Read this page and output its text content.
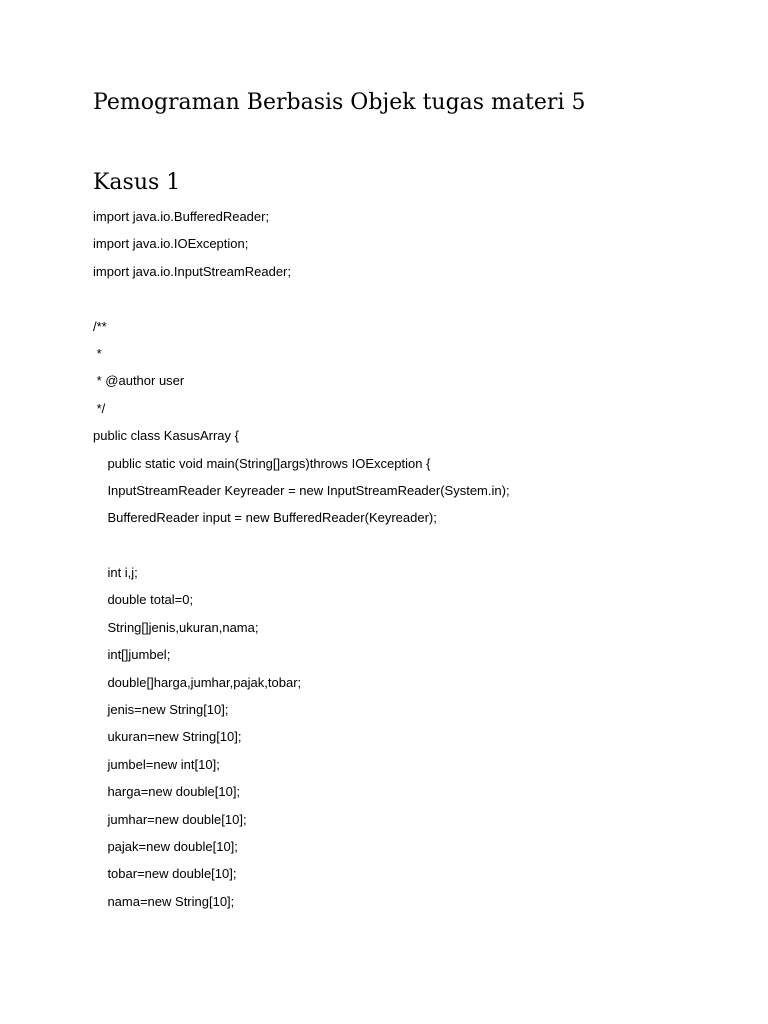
Pemograman Berbasis Objek tugas materi 5
Kasus 1
import java.io.BufferedReader;
import java.io.IOException;
import java.io.InputStreamReader;
/**
*
* @author user
*/
public class KasusArray {
public static void main(String[]args)throws IOException {
InputStreamReader Keyreader = new InputStreamReader(System.in);
BufferedReader input = new BufferedReader(Keyreader);
int i,j;
double total=0;
String[]jenis,ukuran,nama;
int[]jumbel;
double[]harga,jumhar,pajak,tobar;
jenis=new String[10];
ukuran=new String[10];
jumbel=new int[10];
harga=new double[10];
jumhar=new double[10];
pajak=new double[10];
tobar=new double[10];
nama=new String[10];
